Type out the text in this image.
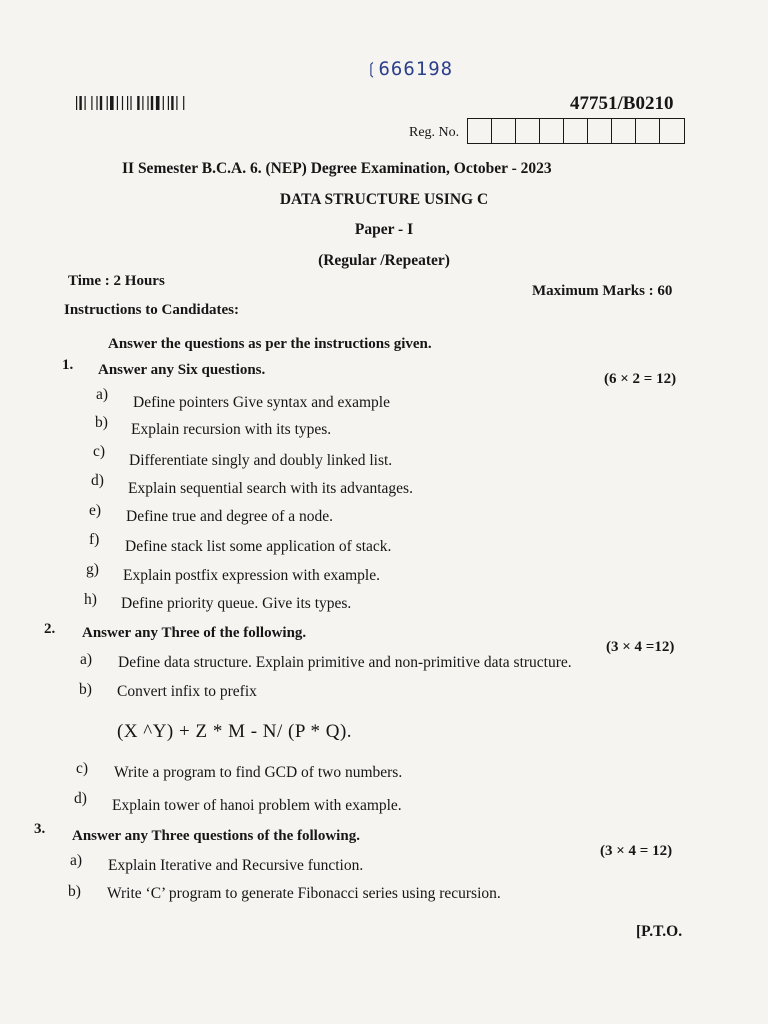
❲666198
47751/B0210
Reg. No.
II Semester B.C.A. 6. (NEP) Degree Examination, October - 2023
DATA STRUCTURE USING C
Paper - I
(Regular /Repeater)
Time : 2 Hours
Maximum Marks : 60
Instructions to Candidates:
Answer the questions as per the instructions given.
1. Answer any Six questions.
(6 × 2 = 12)
a) Define pointers Give syntax and example
b) Explain recursion with its types.
c)
Differentiate singly and doubly linked list.
d) Explain sequential search with its advantages.
e) Define true and degree of a node.
f) Define stack list some application of stack.
g) Explain postfix expression with example.
h) Define priority queue. Give its types.
2. Answer any Three of the following.
(3 × 4 =12)
a) Define data structure. Explain primitive and non-primitive data structure.
b) Convert infix to prefix
(X ^Y) + Z * M - N/ (P * Q).
c) Write a program to find GCD of two numbers.
d) Explain tower of hanoi problem with example.
3. Answer any Three questions of the following.
(3 × 4 = 12)
a) Explain Iterative and Recursive function.
b) Write ‘C’ program to generate Fibonacci series using recursion.
[P.T.O.
